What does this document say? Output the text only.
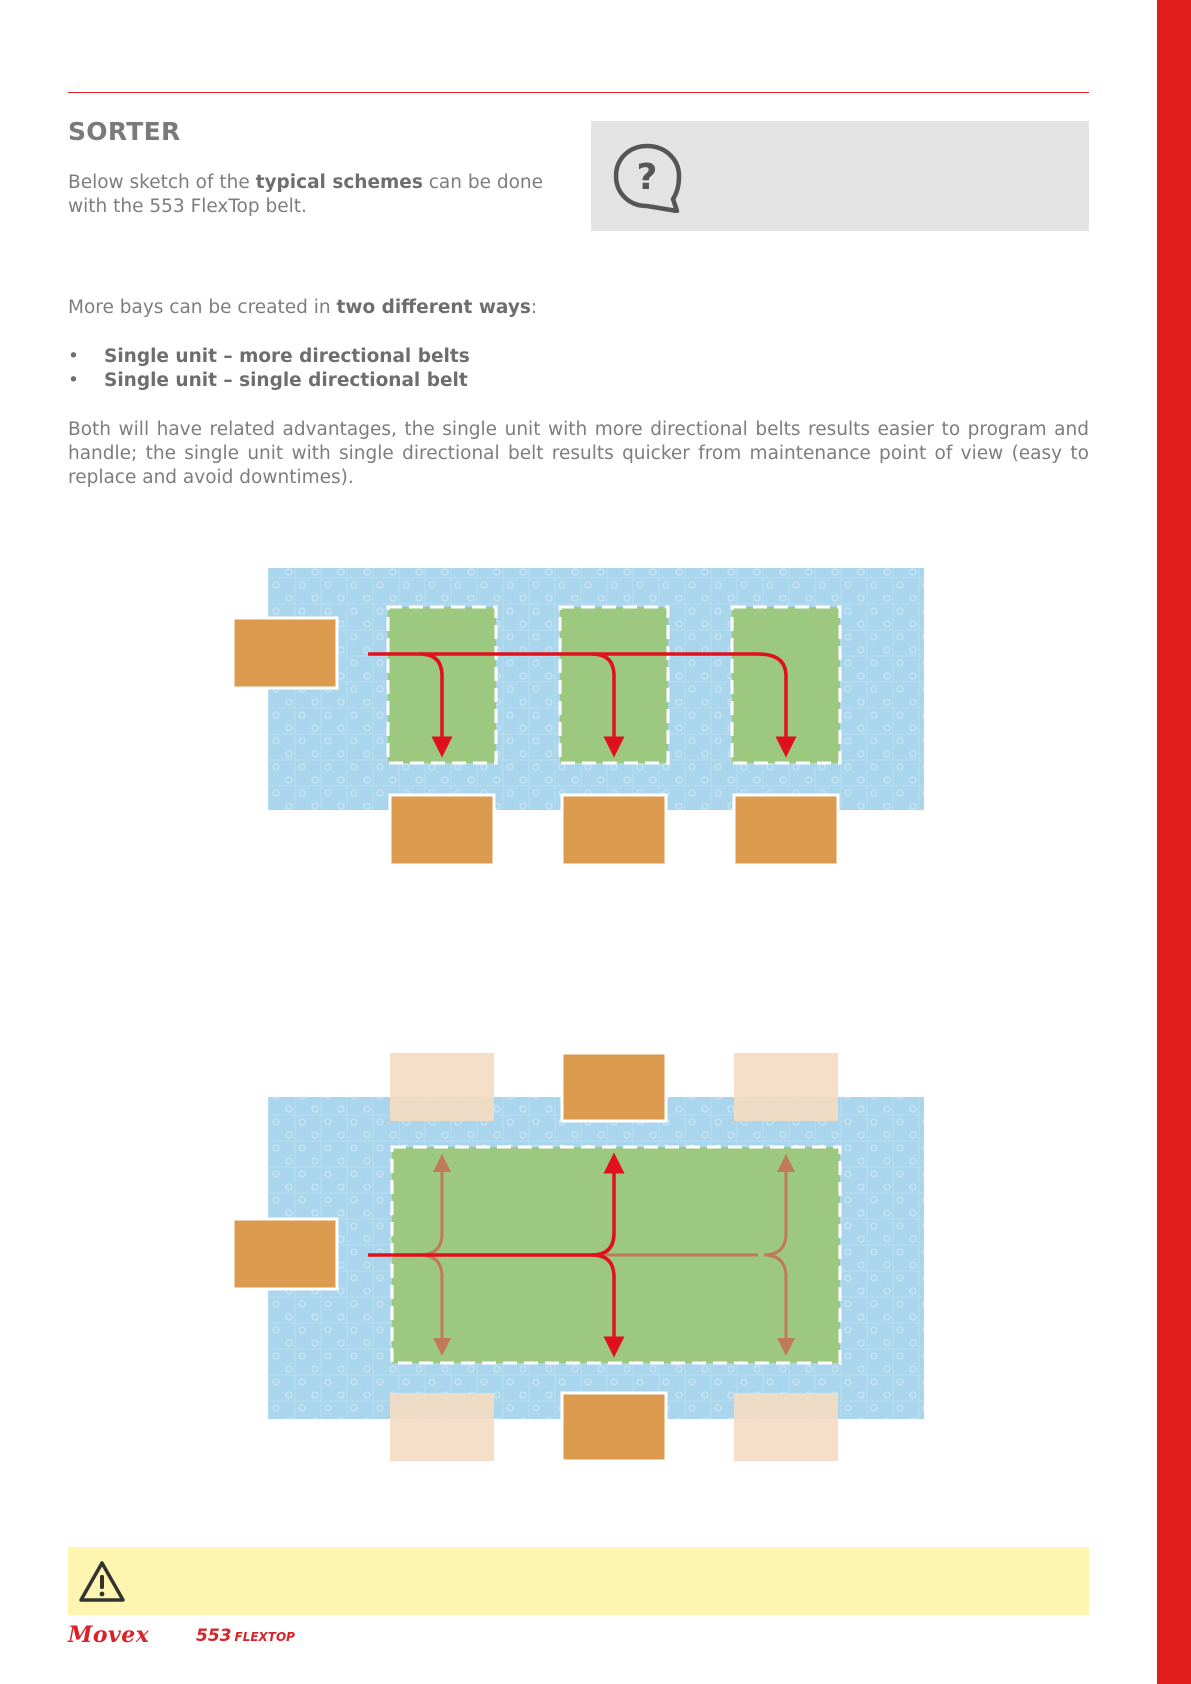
SORTER
Below sketch of the typical schemes can be done with the 553 FlexTop belt.
?
More bays can be created in two different ways:
• Single unit – more directional belts
• Single unit – single directional belt
Both will have related advantages, the single unit with more directional belts results easier to program and handle; the single unit with single directional belt results quicker from maintenance point of view (easy to replace and avoid downtimes).
Movex	553 FLEXTOP
